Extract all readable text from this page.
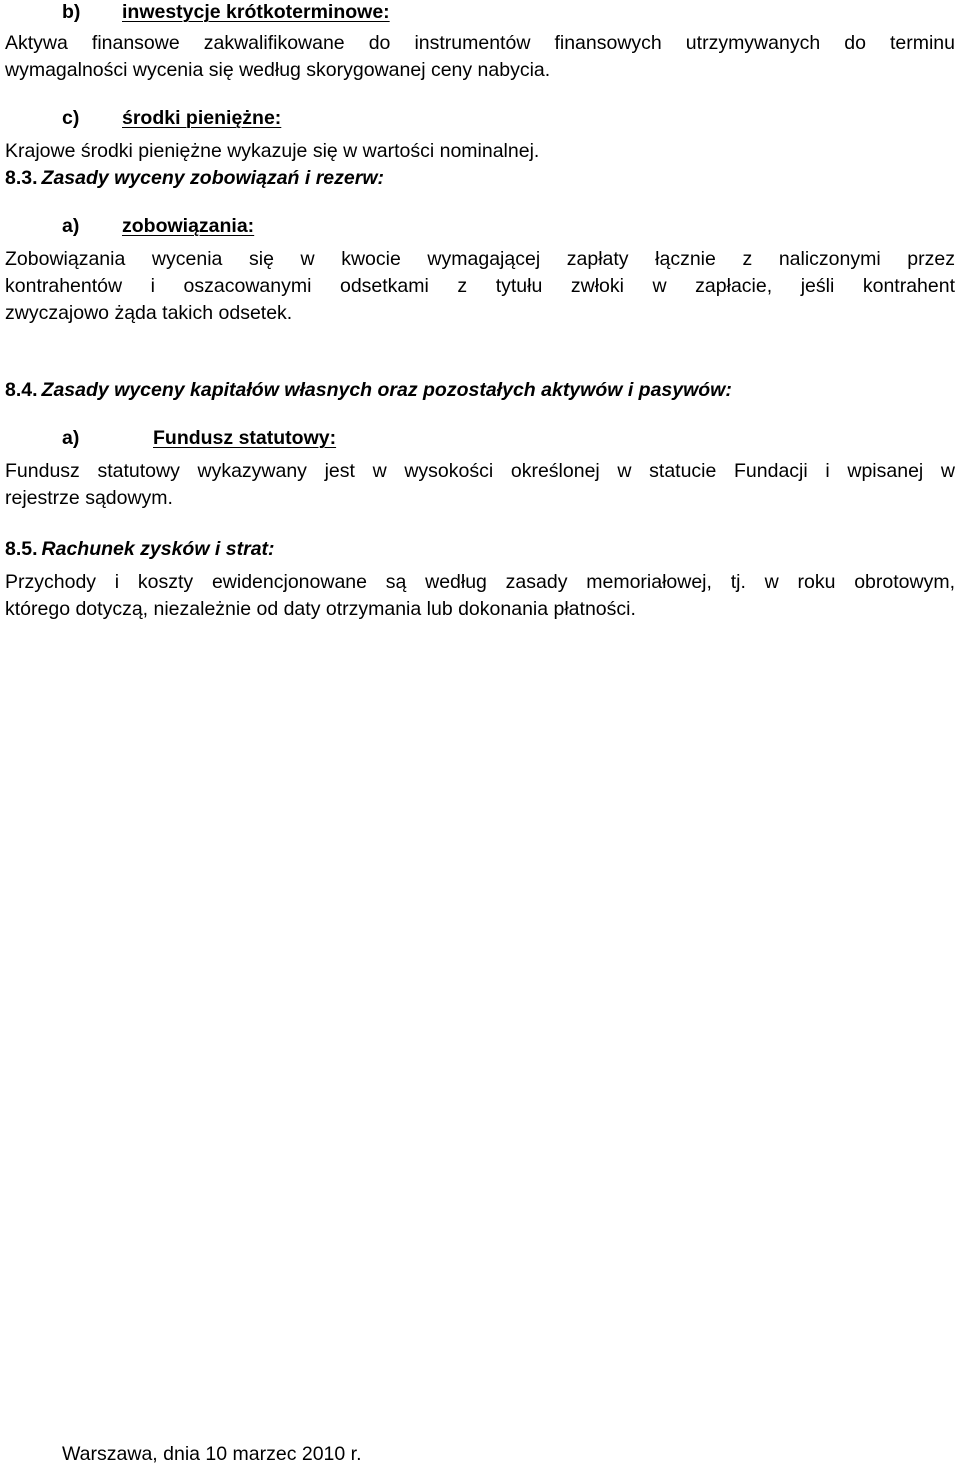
b) inwestycje krótkoterminowe:
Aktywa finansowe zakwalifikowane do instrumentów finansowych utrzymywanych do terminu
wymagalności wycenia się według skorygowanej ceny nabycia.
c) środki pieniężne:
Krajowe środki pieniężne wykazuje się w wartości nominalnej.
8.3. Zasady wyceny zobowiązań i rezerw:
a) zobowiązania:
Zobowiązania wycenia się w kwocie wymagającej zapłaty łącznie z naliczonymi przez
kontrahentów i oszacowanymi odsetkami z tytułu zwłoki w zapłacie, jeśli kontrahent
zwyczajowo żąda takich odsetek.
8.4. Zasady wyceny kapitałów własnych oraz pozostałych aktywów i pasywów:
a)	Fundusz statutowy:
Fundusz statutowy wykazywany jest w wysokości określonej w statucie Fundacji i wpisanej w
rejestrze sądowym.
8.5. Rachunek zysków i strat:
Przychody i koszty ewidencjonowane są według zasady memoriałowej, tj. w roku obrotowym,
którego dotyczą, niezależnie od daty otrzymania lub dokonania płatności.
Warszawa, dnia 10 marzec 2010 r.
